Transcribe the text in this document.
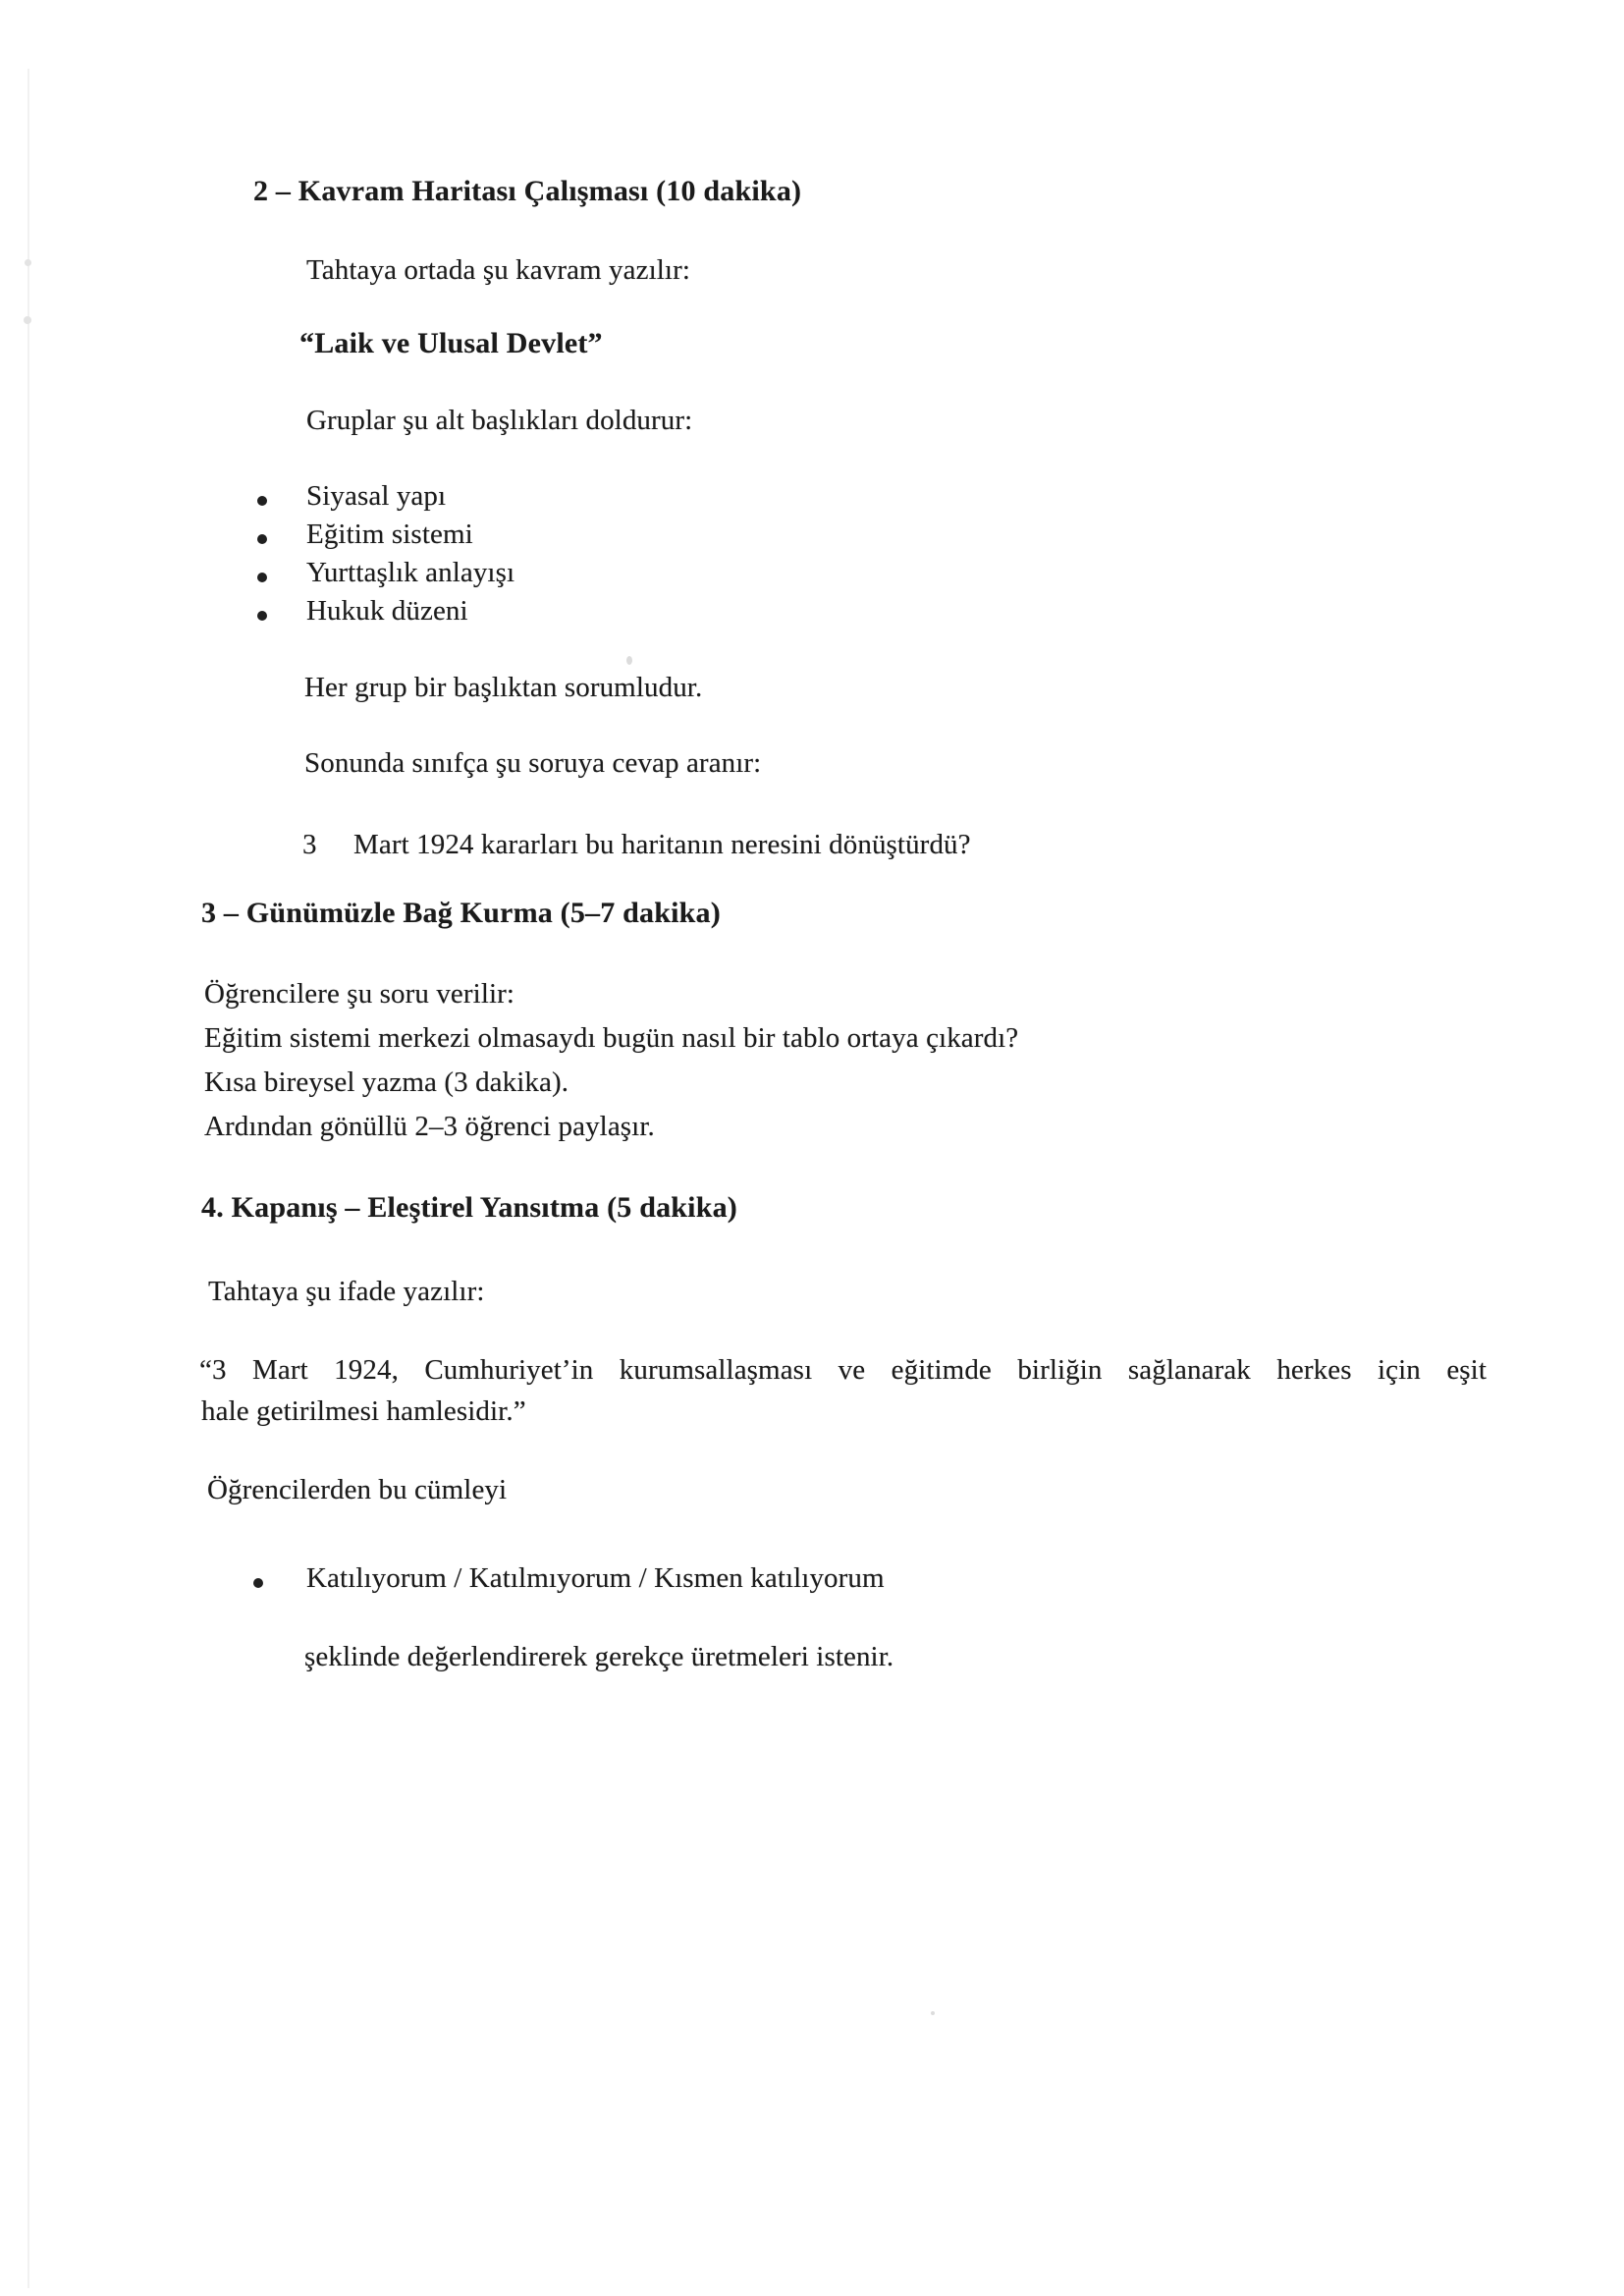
2 – Kavram Haritası Çalışması (10 dakika)
Tahtaya ortada şu kavram yazılır:
“Laik ve Ulusal Devlet”
Gruplar şu alt başlıkları doldurur:
Siyasal yapı
Eğitim sistemi
Yurttaşlık anlayışı
Hukuk düzeni
Her grup bir başlıktan sorumludur.
Sonunda sınıfça şu soruya cevap aranır:
3 Mart 1924 kararları bu haritanın neresini dönüştürdü?
3 – Günümüzle Bağ Kurma (5–7 dakika)
Öğrencilere şu soru verilir:
Eğitim sistemi merkezi olmasaydı bugün nasıl bir tablo ortaya çıkardı?
Kısa bireysel yazma (3 dakika).
Ardından gönüllü 2–3 öğrenci paylaşır.
4. Kapanış – Eleştirel Yansıtma (5 dakika)
Tahtaya şu ifade yazılır:
“3 Mart 1924, Cumhuriyet’in kurumsallaşması ve eğitimde birliğin sağlanarak herkes için eşit
hale getirilmesi hamlesidir.”
Öğrencilerden bu cümleyi
Katılıyorum / Katılmıyorum / Kısmen katılıyorum
şeklinde değerlendirerek gerekçe üretmeleri istenir.
